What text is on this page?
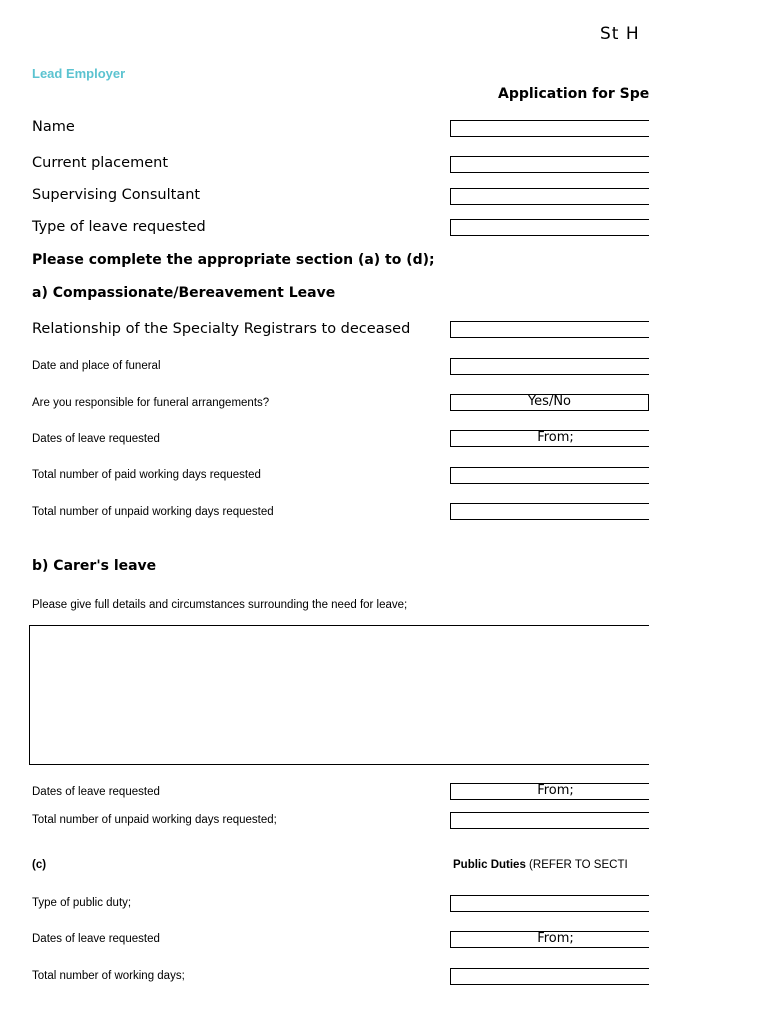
St H
Lead Employer
Application for Spe
Name
Current placement
Supervising Consultant
Type of leave requested
Please complete the appropriate section (a) to (d);
a) Compassionate/Bereavement Leave
Relationship of the Specialty Registrars to deceased
Date and place of funeral
Are you responsible for funeral arrangements?	Yes/No
Dates of leave requested	From;
Total number of paid working days requested
Total number of unpaid working days requested
b) Carer's leave
Please give full details and circumstances surrounding the need for leave;
Dates of leave requested	From;
Total number of unpaid working days requested;
(c)	Public Duties (REFER TO SECTI
Type of public duty;
Dates of leave requested	From;
Total number of working days;
